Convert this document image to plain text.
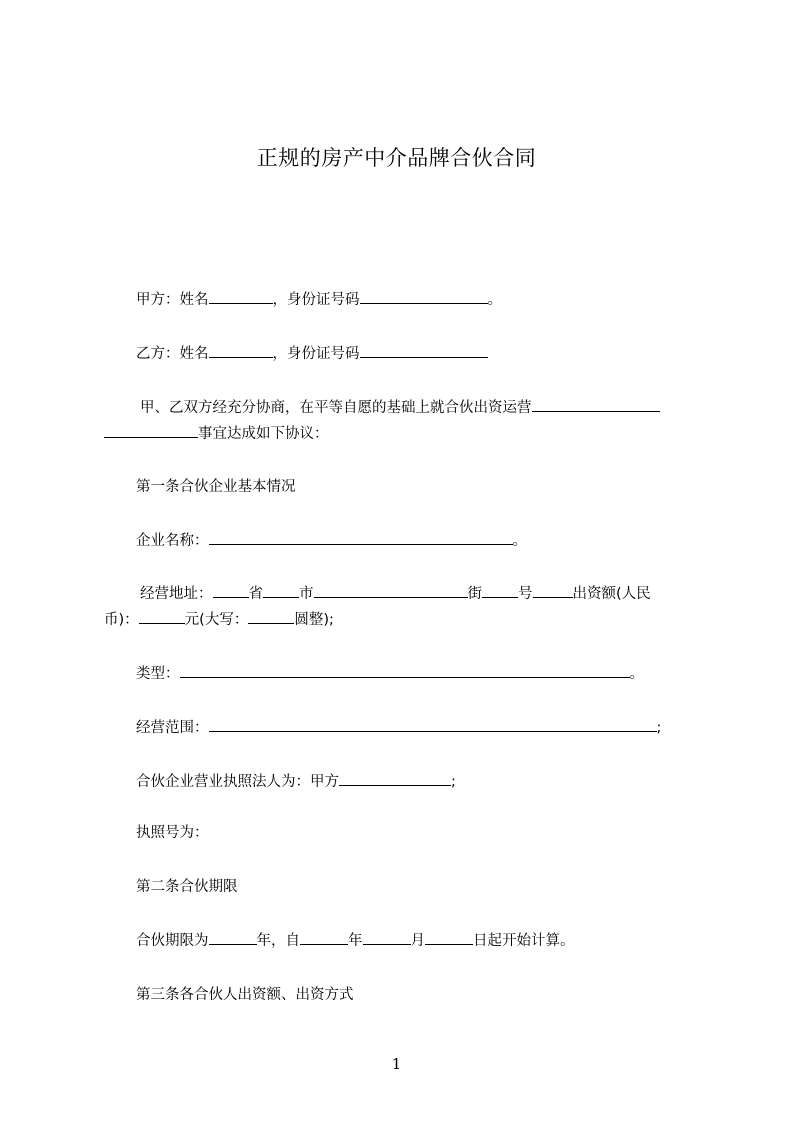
正规的房产中介品牌合伙合同
甲方：姓名	，身份证号码	。
乙方：姓名	，身份证号码
甲、乙双方经充分协商，在平等自愿的基础上就合伙出资运营
事宜达成如下协议：
第一条合伙企业基本情况
企业名称：	。
经营地址： 省 市	街 号	出资额(人民
币)：	元(大写：	圆整);
类型：	。
经营范围：	;
合伙企业营业执照法人为：甲方	;
执照号为：
第二条合伙期限
合伙期限为	年，自	年	月	日起开始计算。
第三条各合伙人出资额、出资方式
1
